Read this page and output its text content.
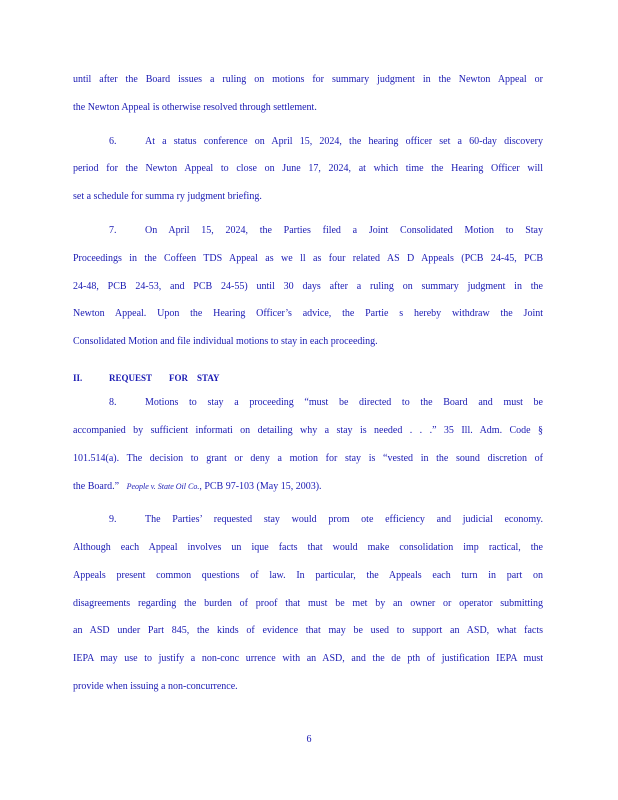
until after the Board issues a ruling on motions for summary judgment in the Newton Appeal or
the Newton Appeal is otherwise resolved through settlement.
6.	At a status conference on April 15, 2024, the hearing officer set a 60-day discovery
period for the Newton Appeal to close on June 17, 2024, at which time the Hearing Officer will
set a schedule for summa ry judgment briefing.
7.	On April 15, 2024, the Parties filed a Joint Consolidated Motion to Stay
Proceedings in the Coffeen TDS Appeal as we ll as four related AS D Appeals (PCB 24-45, PCB
24-48, PCB 24-53, and PCB 24-55) until 30 days after a ruling on summary judgment in the
Newton Appeal. Upon the Hearing Officer’s advice, the Partie s hereby withdraw the Joint
Consolidated Motion and file individual motions to stay in each proceeding.
II.	REQUEST FOR STAY
8.	Motions to stay a proceeding “must be directed to the Board and must be
accompanied by sufficient informati on detailing why a stay is needed . . .” 35 Ill. Adm. Code §
101.514(a). The decision to grant or deny a motion for stay is “vested in the sound discretion of
the Board.” People v. State Oil Co., PCB 97-103 (May 15, 2003).
9.	The Parties’ requested stay would prom ote efficiency and judicial economy.
Although each Appeal involves un ique facts that would make consolidation imp ractical, the
Appeals present common questions of law. In particular, the Appeals each turn in part on
disagreements regarding the burden of proof that must be met by an owner or operator submitting
an ASD under Part 845, the kinds of evidence that may be used to support an ASD, what facts
IEPA may use to justify a non-conc urrence with an ASD, and the de pth of justification IEPA must
provide when issuing a non-concurrence.
6
